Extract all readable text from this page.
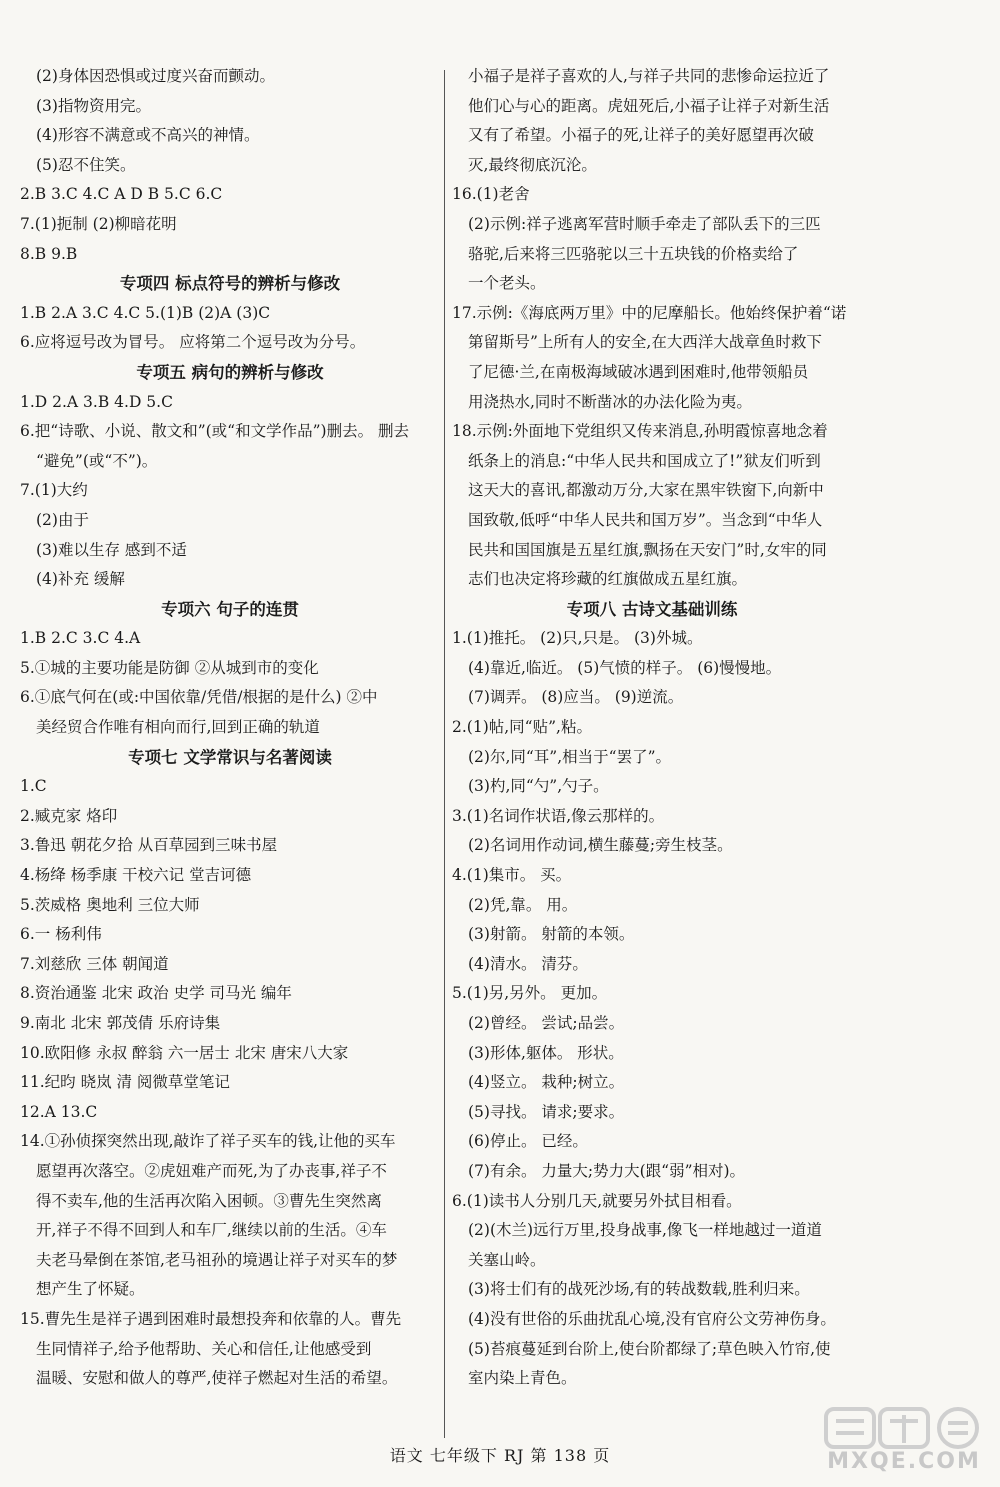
(2)身体因恐惧或过度兴奋而颤动。
(3)指物资用完。
(4)形容不满意或不高兴的神情。
(5)忍不住笑。
2.B 3.C 4.C A D B 5.C 6.C
7.(1)扼制 (2)柳暗花明
8.B 9.B
专项四 标点符号的辨析与修改
1.B 2.A 3.C 4.C 5.(1)B (2)A (3)C
6.应将逗号改为冒号。 应将第二个逗号改为分号。
专项五 病句的辨析与修改
1.D 2.A 3.B 4.D 5.C
6.把“诗歌、小说、散文和”(或“和文学作品”)删去。 删去
“避免”(或“不”)。
7.(1)大约
(2)由于
(3)难以生存 感到不适
(4)补充 缓解
专项六 句子的连贯
1.B 2.C 3.C 4.A
5.①城的主要功能是防御 ②从城到市的变化
6.①底气何在(或:中国依靠/凭借/根据的是什么) ②中
美经贸合作唯有相向而行,回到正确的轨道
专项七 文学常识与名著阅读
1.C
2.臧克家 烙印
3.鲁迅 朝花夕拾 从百草园到三味书屋
4.杨绛 杨季康 干校六记 堂吉诃德
5.茨威格 奥地利 三位大师
6.一 杨利伟
7.刘慈欣 三体 朝闻道
8.资治通鉴 北宋 政治 史学 司马光 编年
9.南北 北宋 郭茂倩 乐府诗集
10.欧阳修 永叔 醉翁 六一居士 北宋 唐宋八大家
11.纪昀 晓岚 清 阅微草堂笔记
12.A 13.C
14.①孙侦探突然出现,敲诈了祥子买车的钱,让他的买车
愿望再次落空。②虎妞难产而死,为了办丧事,祥子不
得不卖车,他的生活再次陷入困顿。③曹先生突然离
开,祥子不得不回到人和车厂,继续以前的生活。④车
夫老马晕倒在茶馆,老马祖孙的境遇让祥子对买车的梦
想产生了怀疑。
15.曹先生是祥子遇到困难时最想投奔和依靠的人。曹先
生同情祥子,给予他帮助、关心和信任,让他感受到
温暖、安慰和做人的尊严,使祥子燃起对生活的希望。
小福子是祥子喜欢的人,与祥子共同的悲惨命运拉近了
他们心与心的距离。虎妞死后,小福子让祥子对新生活
又有了希望。小福子的死,让祥子的美好愿望再次破
灭,最终彻底沉沦。
16.(1)老舍
(2)示例:祥子逃离军营时顺手牵走了部队丢下的三匹
骆驼,后来将三匹骆驼以三十五块钱的价格卖给了
一个老头。
17.示例:《海底两万里》中的尼摩船长。他始终保护着“诺
第留斯号”上所有人的安全,在大西洋大战章鱼时救下
了尼德·兰,在南极海域破冰遇到困难时,他带领船员
用浇热水,同时不断凿冰的办法化险为夷。
18.示例:外面地下党组织又传来消息,孙明霞惊喜地念着
纸条上的消息:“中华人民共和国成立了!”狱友们听到
这天大的喜讯,都激动万分,大家在黑牢铁窗下,向新中
国致敬,低呼“中华人民共和国万岁”。当念到“中华人
民共和国国旗是五星红旗,飘扬在天安门”时,女牢的同
志们也决定将珍藏的红旗做成五星红旗。
专项八 古诗文基础训练
1.(1)推托。 (2)只,只是。 (3)外城。
(4)靠近,临近。 (5)气愤的样子。 (6)慢慢地。
(7)调弄。 (8)应当。 (9)逆流。
2.(1)帖,同“贴”,粘。
(2)尔,同“耳”,相当于“罢了”。
(3)杓,同“勺”,勺子。
3.(1)名词作状语,像云那样的。
(2)名词用作动词,横生藤蔓;旁生枝茎。
4.(1)集市。 买。
(2)凭,靠。 用。
(3)射箭。 射箭的本领。
(4)清水。 清芬。
5.(1)另,另外。 更加。
(2)曾经。 尝试;品尝。
(3)形体,躯体。 形状。
(4)竖立。 栽种;树立。
(5)寻找。 请求;要求。
(6)停止。 已经。
(7)有余。 力量大;势力大(跟“弱”相对)。
6.(1)读书人分别几天,就要另外拭目相看。
(2)(木兰)远行万里,投身战事,像飞一样地越过一道道
关塞山岭。
(3)将士们有的战死沙场,有的转战数载,胜利归来。
(4)没有世俗的乐曲扰乱心境,没有官府公文劳神伤身。
(5)苔痕蔓延到台阶上,使台阶都绿了;草色映入竹帘,使
室内染上青色。
语文 七年级下 RJ 第 138 页	MXQE.COM
